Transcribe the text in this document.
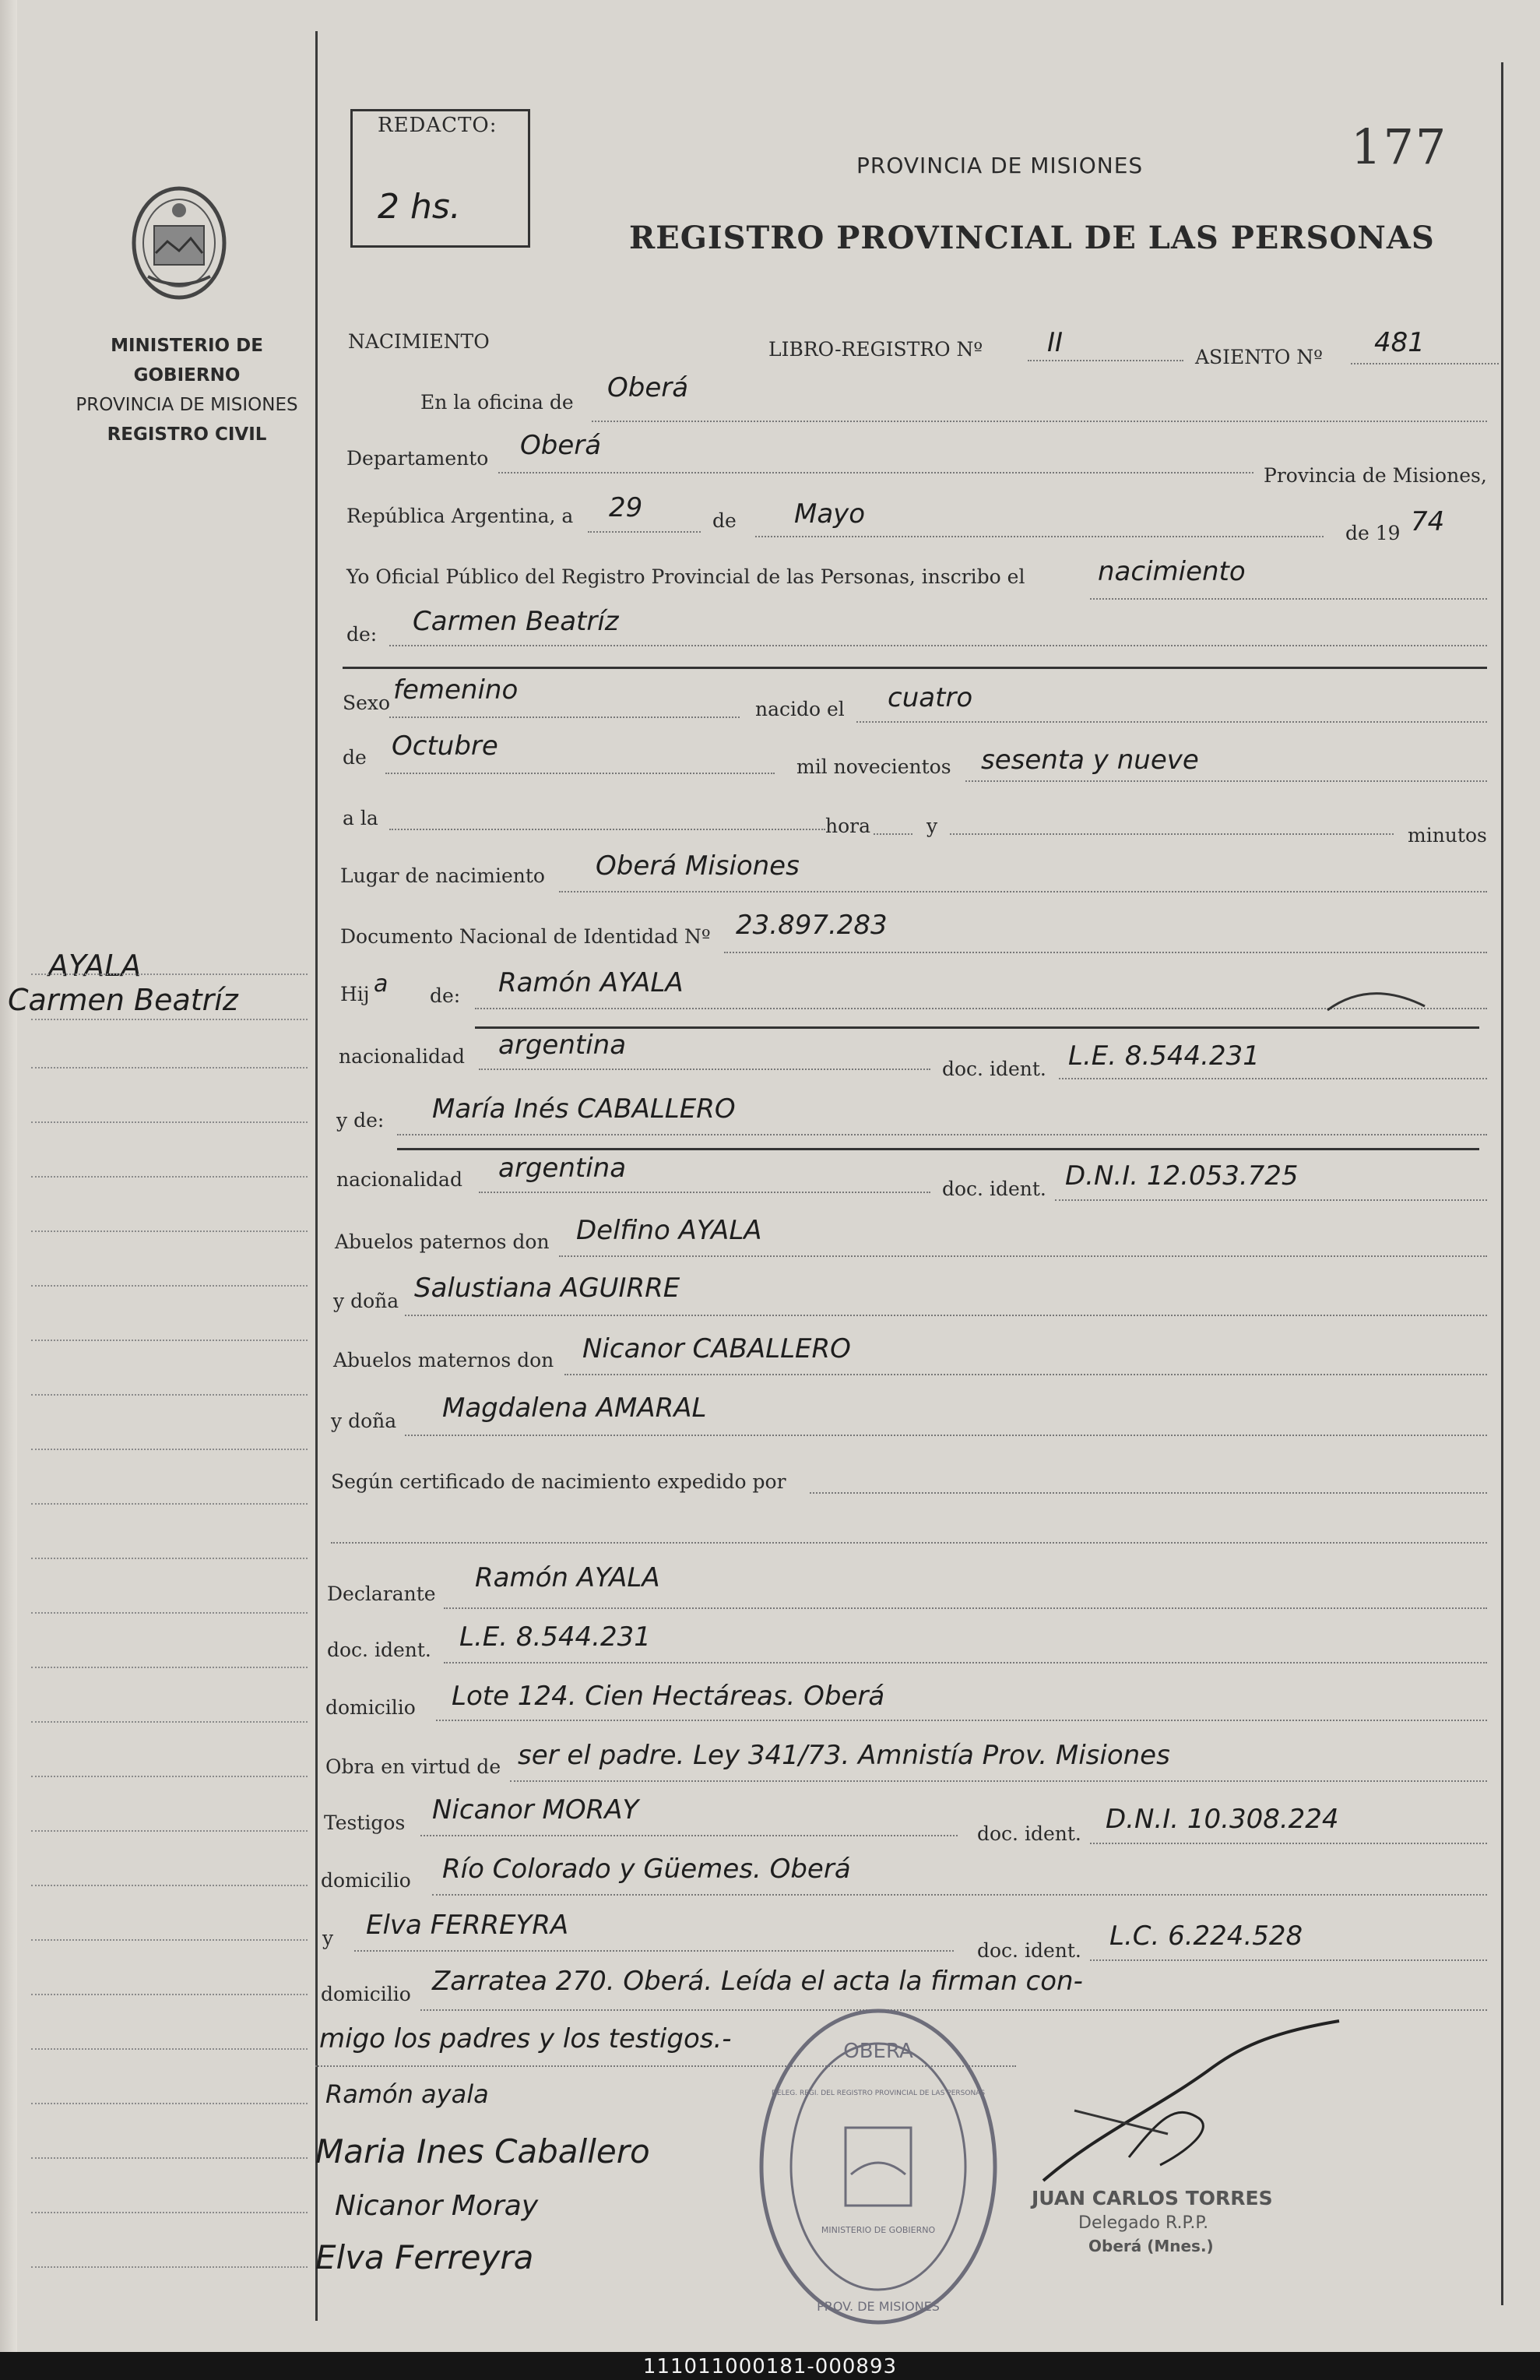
REDACTO:
2 hs.
177
PROVINCIA DE MISIONES
REGISTRO PROVINCIAL DE LAS PERSONAS
MINISTERIO DE GOBIERNO
PROVINCIA DE MISIONES
REGISTRO CIVIL
AYALA
Carmen Beatríz
NACIMIENTO	LIBRO-REGISTRO Nº II	ASIENTO Nº 481
En la oficina de Oberá
Departamento Oberá
Provincia de Misiones,
República Argentina, a 29	de Mayo
de 19 74
Yo Oficial Público del Registro Provincial de las Personas, inscribo el	nacimiento
de: Carmen Beatríz
Sexo femenino
nacido el cuatro
de Octubre
mil novecientos sesenta y nueve
a la	hora	y	minutos
Lugar de nacimiento Oberá Misiones
Documento Nacional de Identidad Nº 23.897.283
Hij a de: Ramón AYALA
nacionalidad argentina
doc. ident. L.E. 8.544.231
y de: María Inés CABALLERO
nacionalidad argentina
doc. ident. D.N.I. 12.053.725
Abuelos paternos don Delfino AYALA
y doña Salustiana AGUIRRE
Abuelos maternos don Nicanor CABALLERO
y doña Magdalena AMARAL
Según certificado de nacimiento expedido por
Declarante
Ramón AYALA
doc. ident. L.E. 8.544.231
domicilio Lote 124. Cien Hectáreas. Oberá
Obra en virtud de ser el padre. Ley 341/73. Amnistía Prov. Misiones
Testigos Nicanor MORAY
doc. ident. D.N.I. 10.308.224
domicilio Río Colorado y Güemes. Oberá
y Elva FERREYRA
doc. ident. L.C. 6.224.528
domicilio Zarratea 270. Oberá. Leída el acta la firman con-
migo los padres y los testigos.-
Ramón ayala
Maria Ines Caballero
Nicanor Moray
Elva Ferreyra
OBERA
PROV. DE MISIONES
MINISTERIO DE GOBIERNO
DELEG. REGI. DEL REGISTRO PROVINCIAL DE LAS PERSONAS
JUAN CARLOS TORRES
Delegado R.P.P.
Oberá (Mnes.)
111011000181-000893
